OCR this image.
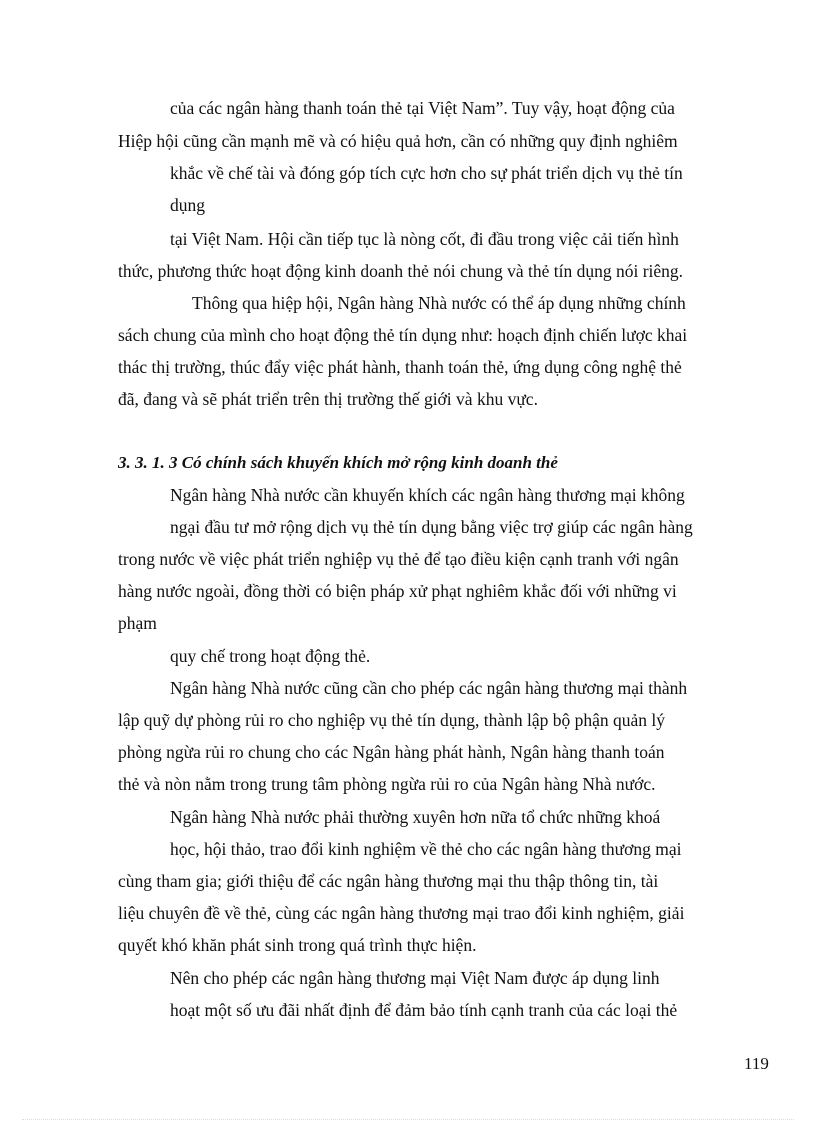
của các ngân hàng thanh toán thẻ tại Việt Nam”. Tuy vậy, hoạt động của
Hiệp hội cũng cần mạnh mẽ và có hiệu quả hơn, cần có những quy định nghiêm
khắc về chế tài và đóng góp tích cực hơn cho sự phát triển dịch vụ thẻ tín
dụng
tại Việt Nam. Hội cần tiếp tục là nòng cốt, đi đầu trong việc cải tiến hình
thức, phương thức hoạt động kinh doanh thẻ nói chung và thẻ tín dụng nói riêng.
Thông qua hiệp hội, Ngân hàng Nhà nước có thể áp dụng những chính
sách chung của mình cho hoạt động thẻ tín dụng như: hoạch định chiến lược khai
thác thị trường, thúc đẩy việc phát hành, thanh toán thẻ, ứng dụng công nghệ thẻ
đã, đang và sẽ phát triển trên thị trường thế giới và khu vực.
3. 3. 1. 3 Có chính sách khuyến khích mở rộng kinh doanh thẻ
Ngân hàng Nhà nước cần khuyến khích các ngân hàng thương mại không
ngại đầu tư mở rộng dịch vụ thẻ tín dụng bằng việc trợ giúp các ngân hàng
trong nước về việc phát triển nghiệp vụ thẻ để tạo điều kiện cạnh tranh với ngân
hàng nước ngoài, đồng thời có biện pháp xử phạt nghiêm khắc đối với những vi
phạm
quy chế trong hoạt động thẻ.
Ngân hàng Nhà nước cũng cần cho phép các ngân hàng thương mại thành
lập quỹ dự phòng rủi ro cho nghiệp vụ thẻ tín dụng, thành lập bộ phận quản lý
phòng ngừa rủi ro chung cho các Ngân hàng phát hành, Ngân hàng thanh toán
thẻ và nòn nằm trong trung tâm phòng ngừa rủi ro của Ngân hàng Nhà nước.
Ngân hàng Nhà nước phải thường xuyên hơn nữa tổ chức những khoá
học, hội thảo, trao đổi kinh nghiệm về thẻ cho các ngân hàng thương mại
cùng tham gia; giới thiệu để các ngân hàng thương mại thu thập thông tin, tài
liệu chuyên đề về thẻ, cùng các ngân hàng thương mại trao đổi kinh nghiệm, giải
quyết khó khăn phát sinh trong quá trình thực hiện.
Nên cho phép các ngân hàng thương mại Việt Nam được áp dụng linh
hoạt một số ưu đãi nhất định để đảm bảo tính cạnh tranh của các loại thẻ
119
